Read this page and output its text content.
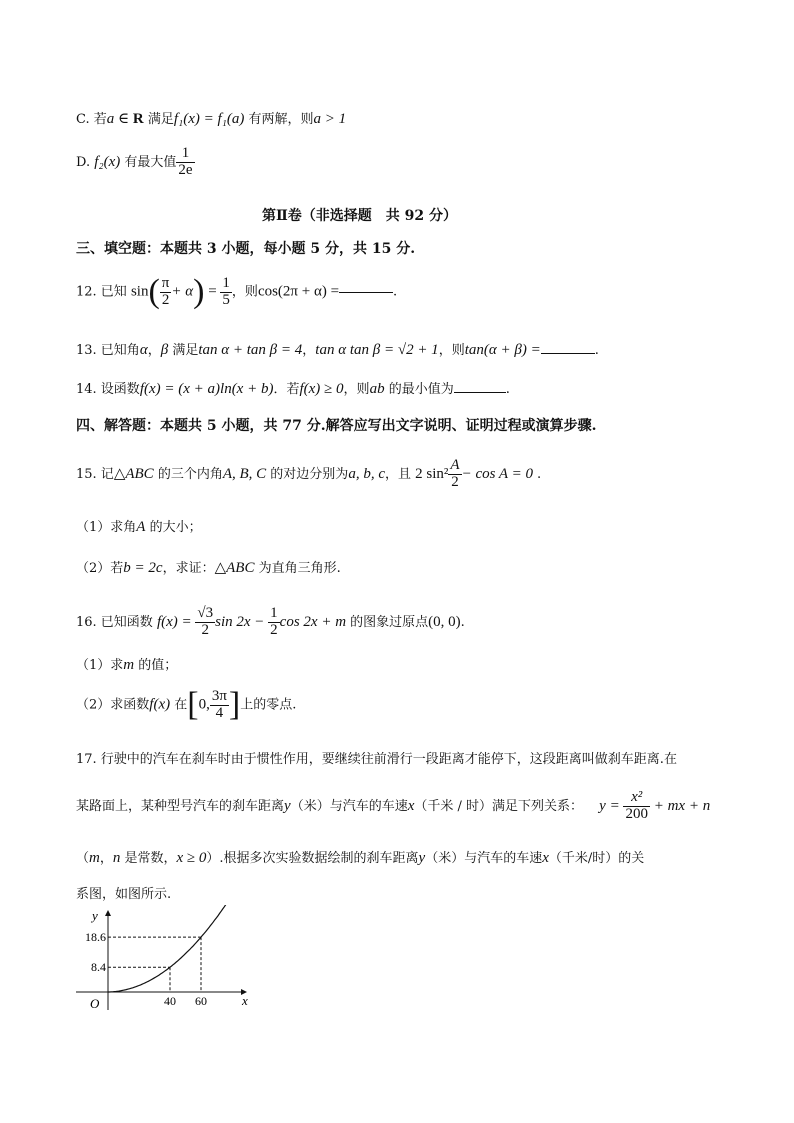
C. 若a ∈ R 满足f₁(x) = f₁(a) 有两解，则a > 1
D. f₂(x) 有最大值 $\frac{1}{2e}$
第Ⅱ卷（非选择题　共 92 分）
三、填空题：本题共 3 小题，每小题 5 分，共 15 分.
12. 已知 $\sin( \frac{\pi}{2} + \alpha) = \frac{1}{5}$ ，则cos(2π + α) =	.
13. 已知角α，β 满足tan α + tan β = 4，tan α tan β = √2 + 1，则tan(α + β) =	.
14. 设函数f(x) = (x + a)ln(x + b)．若f(x) ≥ 0，则ab 的最小值为	.
四、解答题：本题共 5 小题，共 77 分.解答应写出文字说明、证明过程或演算步骤.
15. 记△ABC 的三个内角A, B, C 的对边分别为a, b, c，且 2 $\sin^2 \frac{A}{2} - \cos A = 0$ .
（1）求角A 的大小；
（2）若b = 2c，求证：△ABC 为直角三角形.
16. 已知函数 $f(x) = \frac{√3}{2}$ $\sin 2x - \frac{1}{2}$ cos 2x + m 的图象过原点(0, 0).
（1）求m 的值；
（2）求函数f(x) 在[0, $\frac{3\pi}{4}$ ]上的零点.
17. 行驶中的汽车在刹车时由于惯性作用，要继续往前滑行一段距离才能停下，这段距离叫做刹车距离.在
某路面上，某种型号汽车的刹车距离y（米）与汽车的车速x（千米 / 时）满足下列关系： $y = \frac{\text{x²}}{200}$ + mx + n
（m，n 是常数，x ≥ 0）.根据多次实验数据绘制的刹车距离y（米）与汽车的车速x（千米/时）的关
系图，如图所示.
y
x
O	40 60
8.4
18.6
